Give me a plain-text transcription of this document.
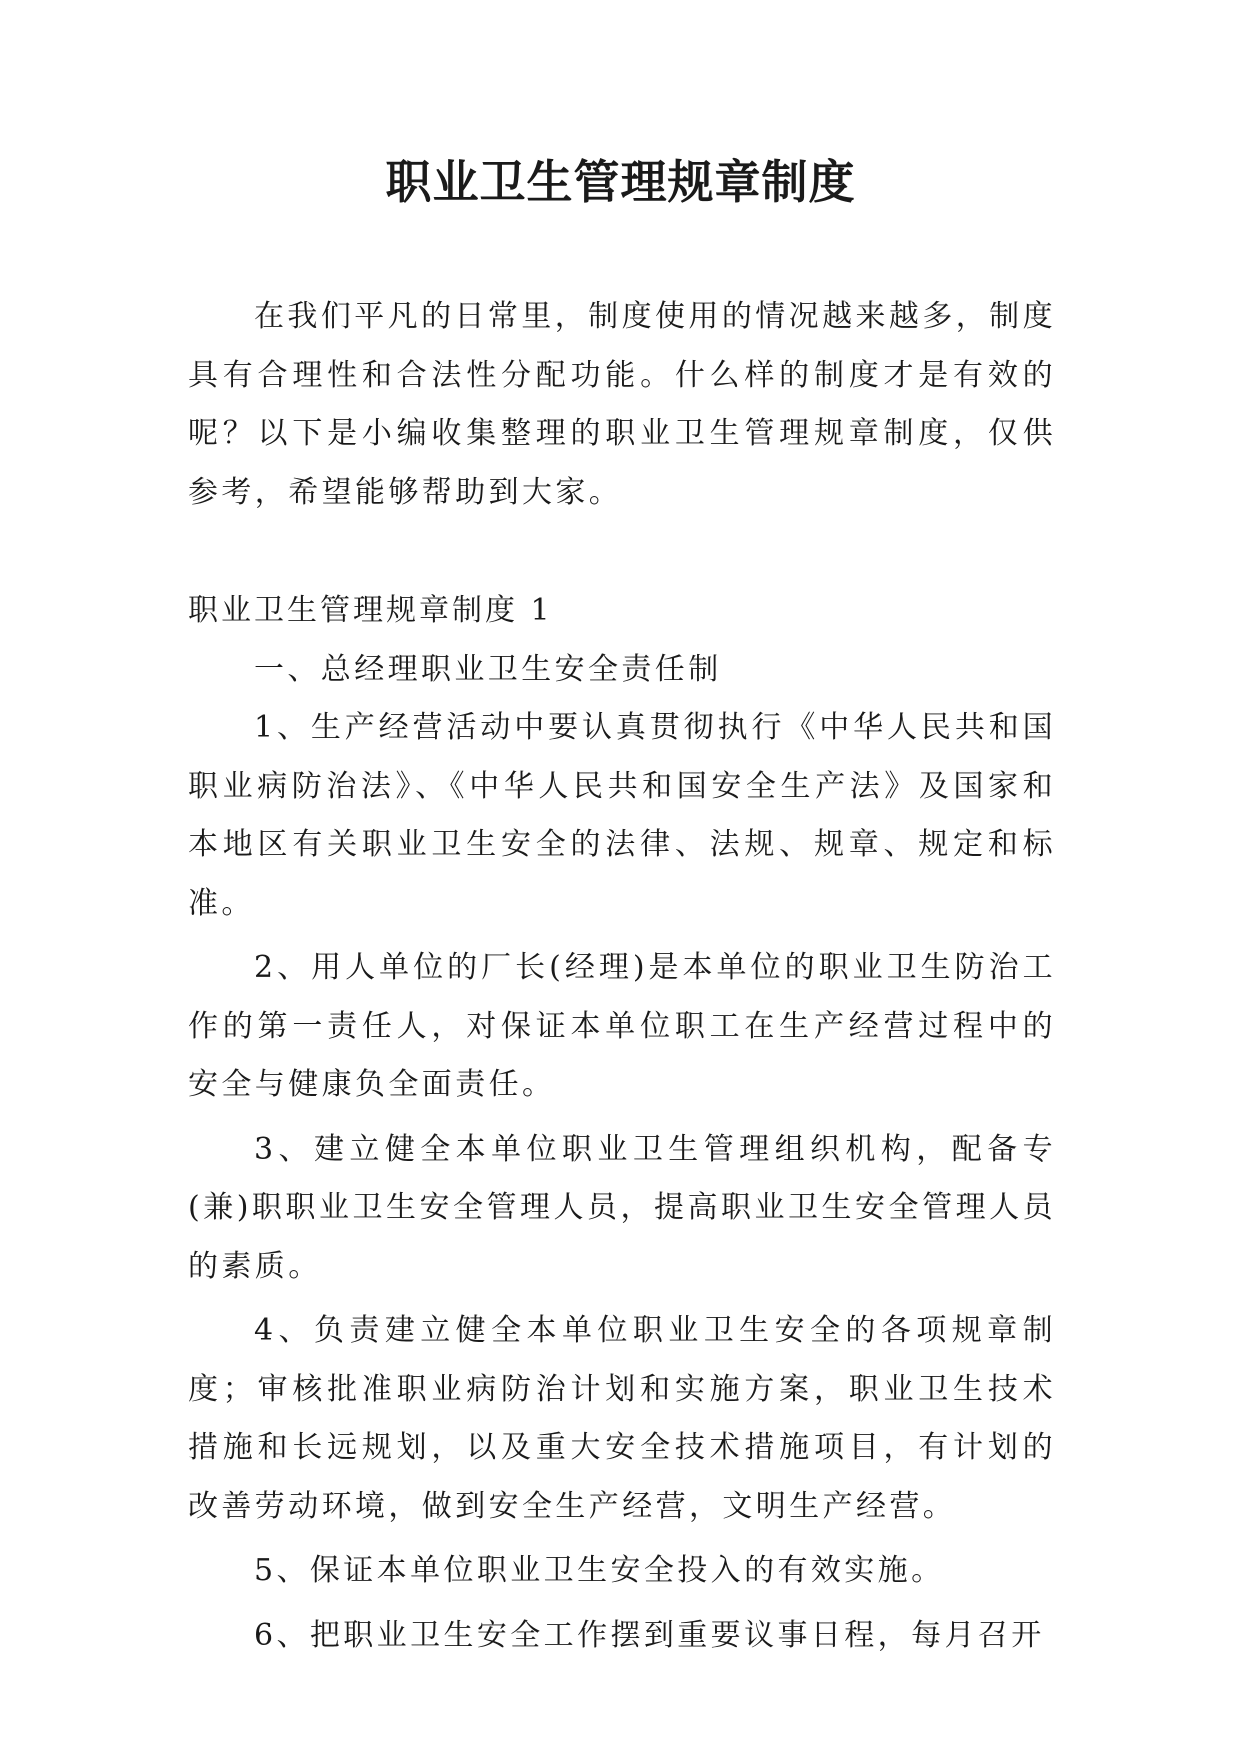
职业卫生管理规章制度

在我们平凡的日常里，制度使用的情况越来越多，制度具有合理性和合法性分配功能。什么样的制度才是有效的呢？以下是小编收集整理的职业卫生管理规章制度，仅供参考，希望能够帮助到大家。

职业卫生管理规章制度 1

一、总经理职业卫生安全责任制

1、生产经营活动中要认真贯彻执行《中华人民共和国职业病防治法》、《中华人民共和国安全生产法》及国家和本地区有关职业卫生安全的法律、法规、规章、规定和标准。

2、用人单位的厂长(经理)是本单位的职业卫生防治工作的第一责任人，对保证本单位职工在生产经营过程中的安全与健康负全面责任。

3、建立健全本单位职业卫生管理组织机构，配备专(兼)职职业卫生安全管理人员，提高职业卫生安全管理人员的素质。

4、负责建立健全本单位职业卫生安全的各项规章制度；审核批准职业病防治计划和实施方案，职业卫生技术措施和长远规划，以及重大安全技术措施项目，有计划的改善劳动环境，做到安全生产经营，文明生产经营。

5、保证本单位职业卫生安全投入的有效实施。

6、把职业卫生安全工作摆到重要议事日程，每月召开
